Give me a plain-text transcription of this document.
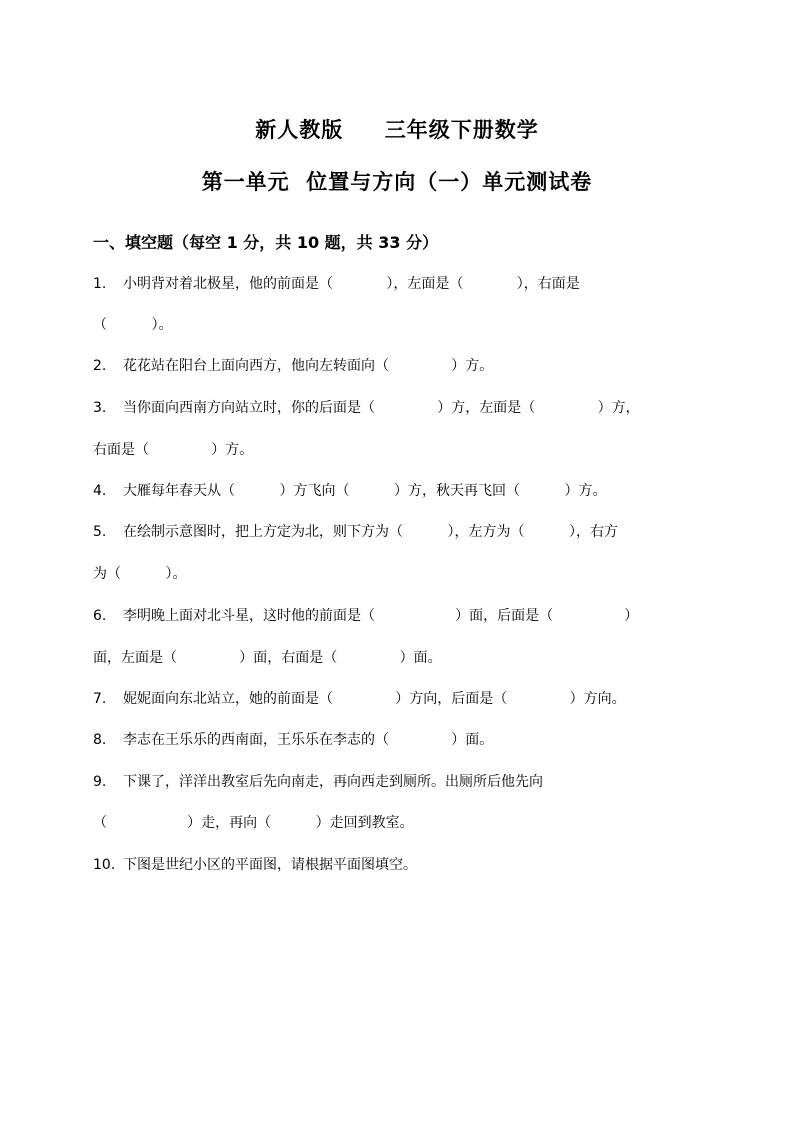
新人教版     三年级下册数学
第一单元  位置与方向（一）单元测试卷
一、填空题（每空 1 分，共 10 题，共 33 分）

1. 小明背对着北极星，他的前面是（            ），左面是（            ），右面是

（          ）。

2. 花花站在阳台上面向西方，他向左转面向（              ）方。

3. 当你面向西南方向站立时，你的后面是（              ）方，左面是（              ）方，

右面是（              ）方。

4. 大雁每年春天从（          ）方飞向（          ）方，秋天再飞回（          ）方。

5. 在绘制示意图时，把上方定为北，则下方为（          ），左方为（          ），右方

为（          ）。

6. 李明晚上面对北斗星，这时他的前面是（                  ）面，后面是（                ）

面，左面是（              ）面，右面是（              ）面。

7. 妮妮面向东北站立，她的前面是（              ）方向，后面是（              ）方向。

8. 李志在王乐乐的西南面，王乐乐在李志的（              ）面。

9. 下课了，洋洋出教室后先向南走，再向西走到厕所。出厕所后他先向

（                  ）走，再向（          ）走回到教室。

10. 下图是世纪小区的平面图，请根据平面图填空。
